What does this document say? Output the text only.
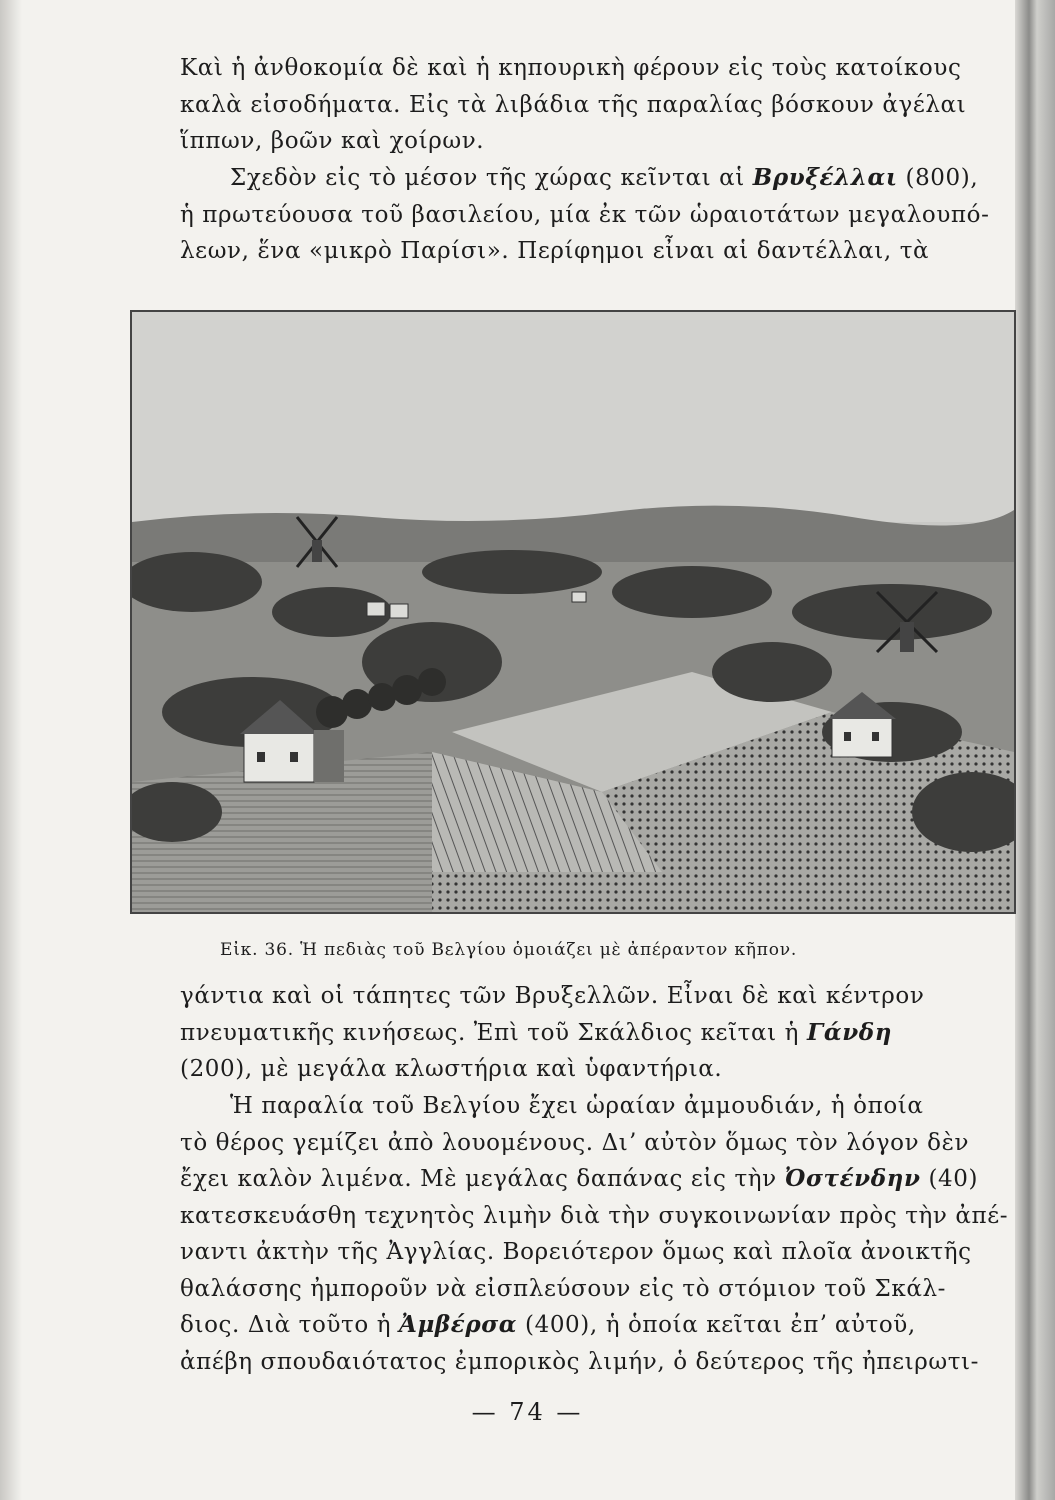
Καὶ ἡ ἀνθοκομία δὲ καὶ ἡ κηπουρικὴ φέρουν εἰς τοὺς κατοίκους
καλὰ εἰσοδήματα. Εἰς τὰ λιβάδια τῆς παραλίας βόσκουν ἀγέλαι
ἵππων, βοῶν καὶ χοίρων.

Σχεδὸν εἰς τὸ μέσον τῆς χώρας κεῖνται αἱ Βρυξέλλαι (800),
ἡ πρωτεύουσα τοῦ βασιλείου, μία ἐκ τῶν ὡραιοτάτων μεγαλουπό-
λεων, ἕνα «μικρὸ Παρίσι». Περίφημοι εἶναι αἱ δαντέλλαι, τὰ

Εἰκ. 36. Ἡ πεδιὰς τοῦ Βελγίου ὁμοιάζει μὲ ἀπέραντον κῆπον.

γάντια καὶ οἱ τάπητες τῶν Βρυξελλῶν. Εἶναι δὲ καὶ κέντρον
πνευματικῆς κινήσεως. Ἐπὶ τοῦ Σκάλδιος κεῖται ἡ Γάνδη
(200), μὲ μεγάλα κλωστήρια καὶ ὑφαντήρια.

Ἡ παραλία τοῦ Βελγίου ἔχει ὡραίαν ἀμμουδιάν, ἡ ὁποία
τὸ θέρος γεμίζει ἀπὸ λουομένους. Διʼ αὐτὸν ὅμως τὸν λόγον δὲν
ἔχει καλὸν λιμένα. Μὲ μεγάλας δαπάνας εἰς τὴν Ὀστένδην (40)
κατεσκευάσθη τεχνητὸς λιμὴν διὰ τὴν συγκοινωνίαν πρὸς τὴν ἀπέ-
ναντι ἀκτὴν τῆς Ἀγγλίας. Βορειότερον ὅμως καὶ πλοῖα ἀνοικτῆς
θαλάσσης ἠμποροῦν νὰ εἰσπλεύσουν εἰς τὸ στόμιον τοῦ Σκάλ-
διος. Διὰ τοῦτο ἡ Ἀμβέρσα (400), ἡ ὁποία κεῖται ἐπʼ αὐτοῦ,
ἀπέβη σπουδαιότατος ἐμπορικὸς λιμήν, ὁ δεύτερος τῆς ἠπειρωτι-

— 74 —
